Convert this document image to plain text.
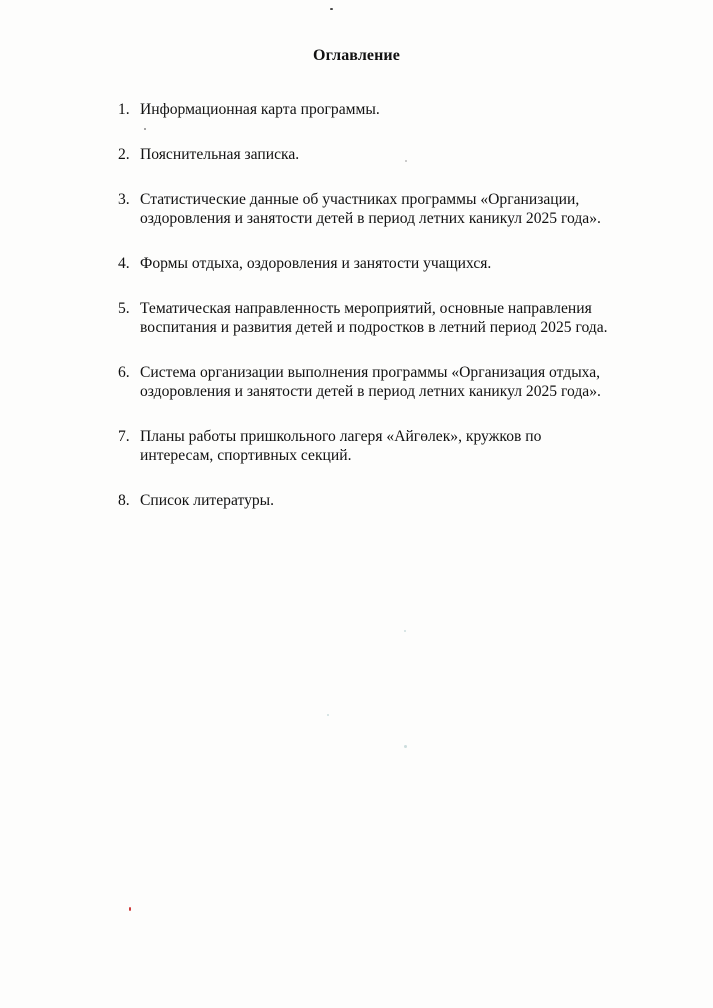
Оглавление
1. Информационная карта программы.
2. Пояснительная записка.
3. Статистические данные об участниках программы «Организации,
оздоровления и занятости детей в период летних каникул 2025 года».
4. Формы отдыха, оздоровления и занятости учащихся.
5. Тематическая направленность мероприятий, основные направления
воспитания и развития детей и подростков в летний период 2025 года.
6. Система организации выполнения программы «Организация отдыха,
оздоровления и занятости детей в период летних каникул 2025 года».
7. Планы работы пришкольного лагеря «Айгөлек», кружков по
интересам, спортивных секций.
8. Список литературы.
